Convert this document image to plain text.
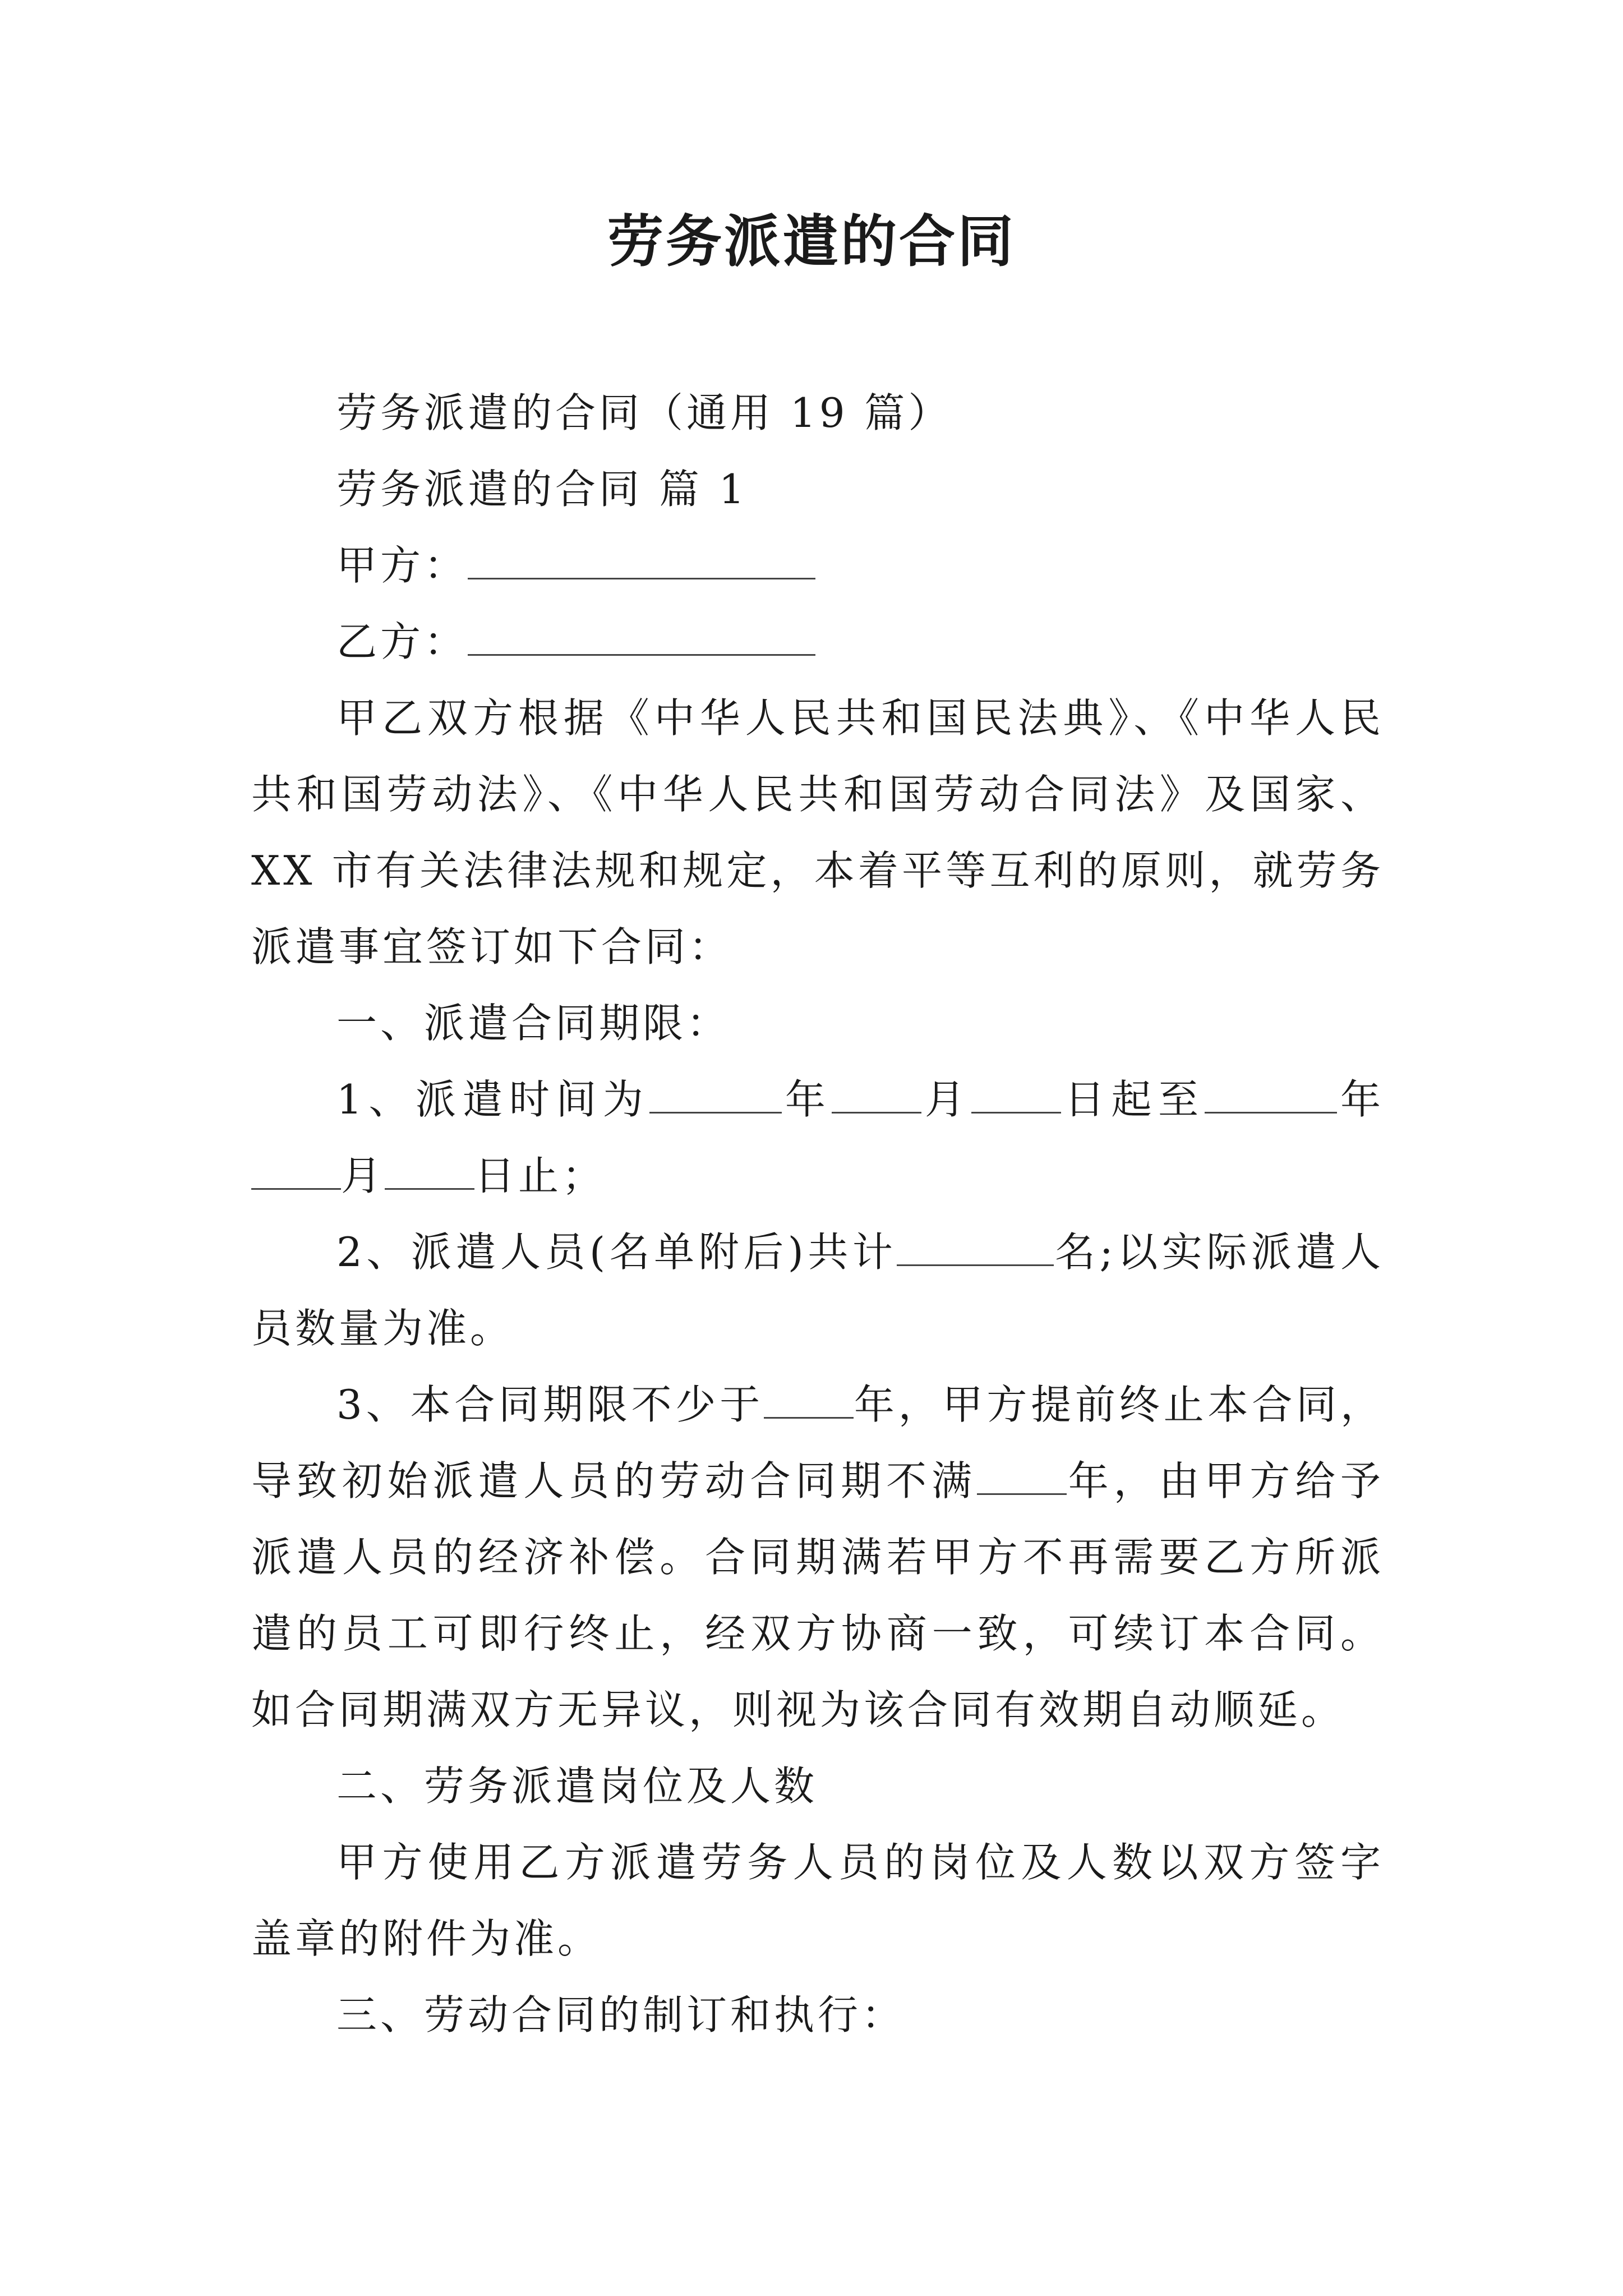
劳务派遣的合同

劳务派遣的合同（通用 19 篇）

劳务派遣的合同 篇 1

甲方：

乙方：

甲乙双方根据《中华人民共和国民法典》、《中华人民共和国劳动法》、《中华人民共和国劳动合同法》及国家、XX 市有关法律法规和规定，本着平等互利的原则，就劳务派遣事宜签订如下合同：

一、派遣合同期限：

1、派遣时间为	年 月 日起至	年月 日止；

2、派遣人员(名单附后)共计	名;以实际派遣人员数量为准。

3、本合同期限不少于 年，甲方提前终止本合同，导致初始派遣人员的劳动合同期不满 年，由甲方给予派遣人员的经济补偿。合同期满若甲方不再需要乙方所派遣的员工可即行终止，经双方协商一致，可续订本合同。如合同期满双方无异议，则视为该合同有效期自动顺延。

二、劳务派遣岗位及人数

甲方使用乙方派遣劳务人员的岗位及人数以双方签字盖章的附件为准。

三、劳动合同的制订和执行：
